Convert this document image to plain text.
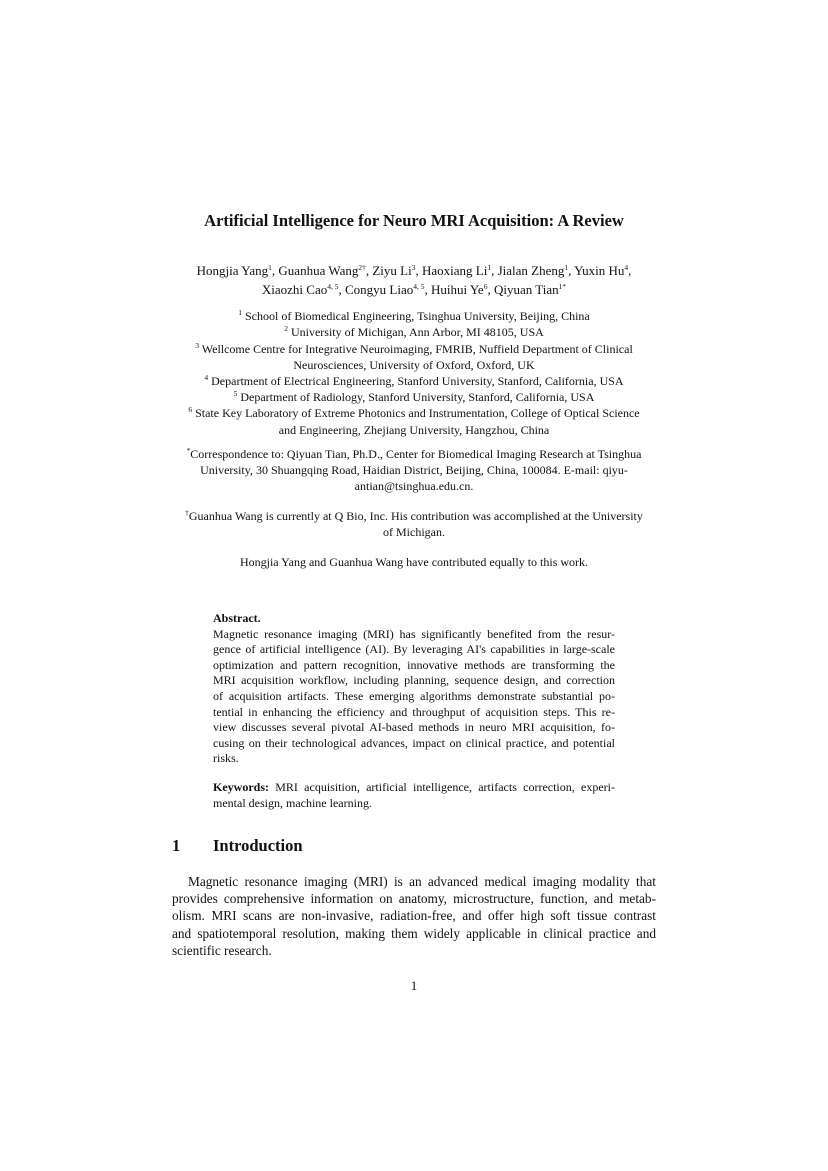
Artificial Intelligence for Neuro MRI Acquisition: A Review
Hongjia Yang$^1$, Guanhua Wang$^{2\dagger}$, Ziyu Li$^3$, Haoxiang Li$^1$, Jialan Zheng$^1$, Yuxin Hu$^4$,
Xiaozhi Cao$^{4, 5}$, Congyu Liao$^{4, 5}$, Huihui Ye$^6$, Qiyuan Tian$^{1*}$
$^1$ School of Biomedical Engineering, Tsinghua University, Beijing, China
$^2$ University of Michigan, Ann Arbor, MI 48105, USA
$^3$ Wellcome Centre for Integrative Neuroimaging, FMRIB, Nuffield Department of Clinical
Neurosciences, University of Oxford, Oxford, UK
$^4$ Department of Electrical Engineering, Stanford University, Stanford, California, USA
$^5$ Department of Radiology, Stanford University, Stanford, California, USA
$^6$ State Key Laboratory of Extreme Photonics and Instrumentation, College of Optical Science
and Engineering, Zhejiang University, Hangzhou, China
*Correspondence to: Qiyuan Tian, Ph.D., Center for Biomedical Imaging Research at Tsinghua
University, 30 Shuangqing Road, Haidian District, Beijing, China, 100084. E-mail: qiyu-
antian@tsinghua.edu.cn.
†Guanhua Wang is currently at Q Bio, Inc. His contribution was accomplished at the University
of Michigan.
Hongjia Yang and Guanhua Wang have contributed equally to this work.
Abstract.
Magnetic resonance imaging (MRI) has significantly benefited from the resur-
gence of artificial intelligence (AI). By leveraging AI's capabilities in large-scale
optimization and pattern recognition, innovative methods are transforming the
MRI acquisition workflow, including planning, sequence design, and correction
of acquisition artifacts. These emerging algorithms demonstrate substantial po-
tential in enhancing the efficiency and throughput of acquisition steps. This re-
view discusses several pivotal AI-based methods in neuro MRI acquisition, fo-
cusing on their technological advances, impact on clinical practice, and potential
risks.
Keywords: MRI acquisition, artificial intelligence, artifacts correction, experi-
mental design, machine learning.
1 Introduction
Magnetic resonance imaging (MRI) is an advanced medical imaging modality that
provides comprehensive information on anatomy, microstructure, function, and metab-
olism. MRI scans are non-invasive, radiation-free, and offer high soft tissue contrast
and spatiotemporal resolution, making them widely applicable in clinical practice and
scientific research.
1
